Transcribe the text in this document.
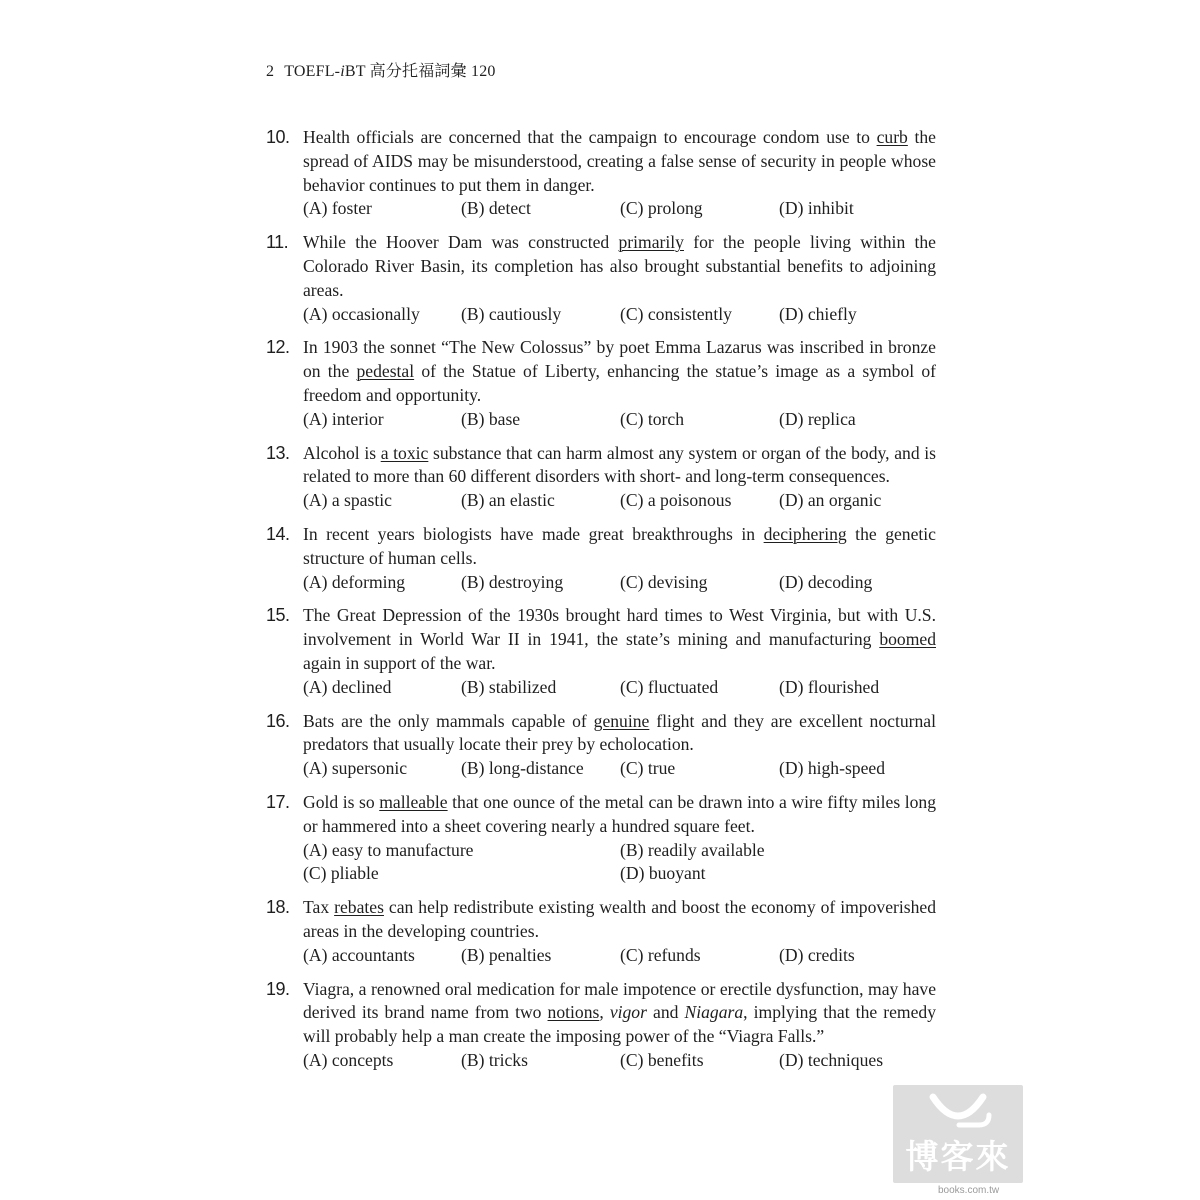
2 TOEFL-iBT 高分托福詞彙 120
10. Health officials are concerned that the campaign to encourage condom use to curb the spread of AIDS may be misunderstood, creating a false sense of security in people whose behavior continues to put them in danger.
(A) foster	(B) detect	(C) prolong	(D) inhibit
11. While the Hoover Dam was constructed primarily for the people living within the Colorado River Basin, its completion has also brought substantial benefits to adjoining areas.
(A) occasionally	(B) cautiously	(C) consistently	(D) chiefly
12. In 1903 the sonnet “The New Colossus” by poet Emma Lazarus was inscribed in bronze on the pedestal of the Statue of Liberty, enhancing the statue’s image as a symbol of freedom and opportunity.
(A) interior	(B) base	(C) torch	(D) replica
13. Alcohol is a toxic substance that can harm almost any system or organ of the body, and is related to more than 60 different disorders with short- and long-term consequences.
(A) a spastic	(B) an elastic	(C) a poisonous	(D) an organic
14. In recent years biologists have made great breakthroughs in deciphering the genetic structure of human cells.
(A) deforming	(B) destroying	(C) devising	(D) decoding
15. The Great Depression of the 1930s brought hard times to West Virginia, but with U.S. involvement in World War II in 1941, the state’s mining and manufacturing boomed again in support of the war.
(A) declined	(B) stabilized	(C) fluctuated	(D) flourished
16. Bats are the only mammals capable of genuine flight and they are excellent nocturnal predators that usually locate their prey by echolocation.
(A) supersonic	(B) long-distance	(C) true	(D) high-speed
17. Gold is so malleable that one ounce of the metal can be drawn into a wire fifty miles long or hammered into a sheet covering nearly a hundred square feet.
(A) easy to manufacture	(B) readily available
(C) pliable	(D) buoyant
18. Tax rebates can help redistribute existing wealth and boost the economy of impoverished areas in the developing countries.
(A) accountants	(B) penalties	(C) refunds	(D) credits
19. Viagra, a renowned oral medication for male impotence or erectile dysfunction, may have derived its brand name from two notions, vigor and Niagara, implying that the remedy will probably help a man create the imposing power of the “Viagra Falls.”
(A) concepts	(B) tricks	(C) benefits	(D) techniques
博客來
books.com.tw
